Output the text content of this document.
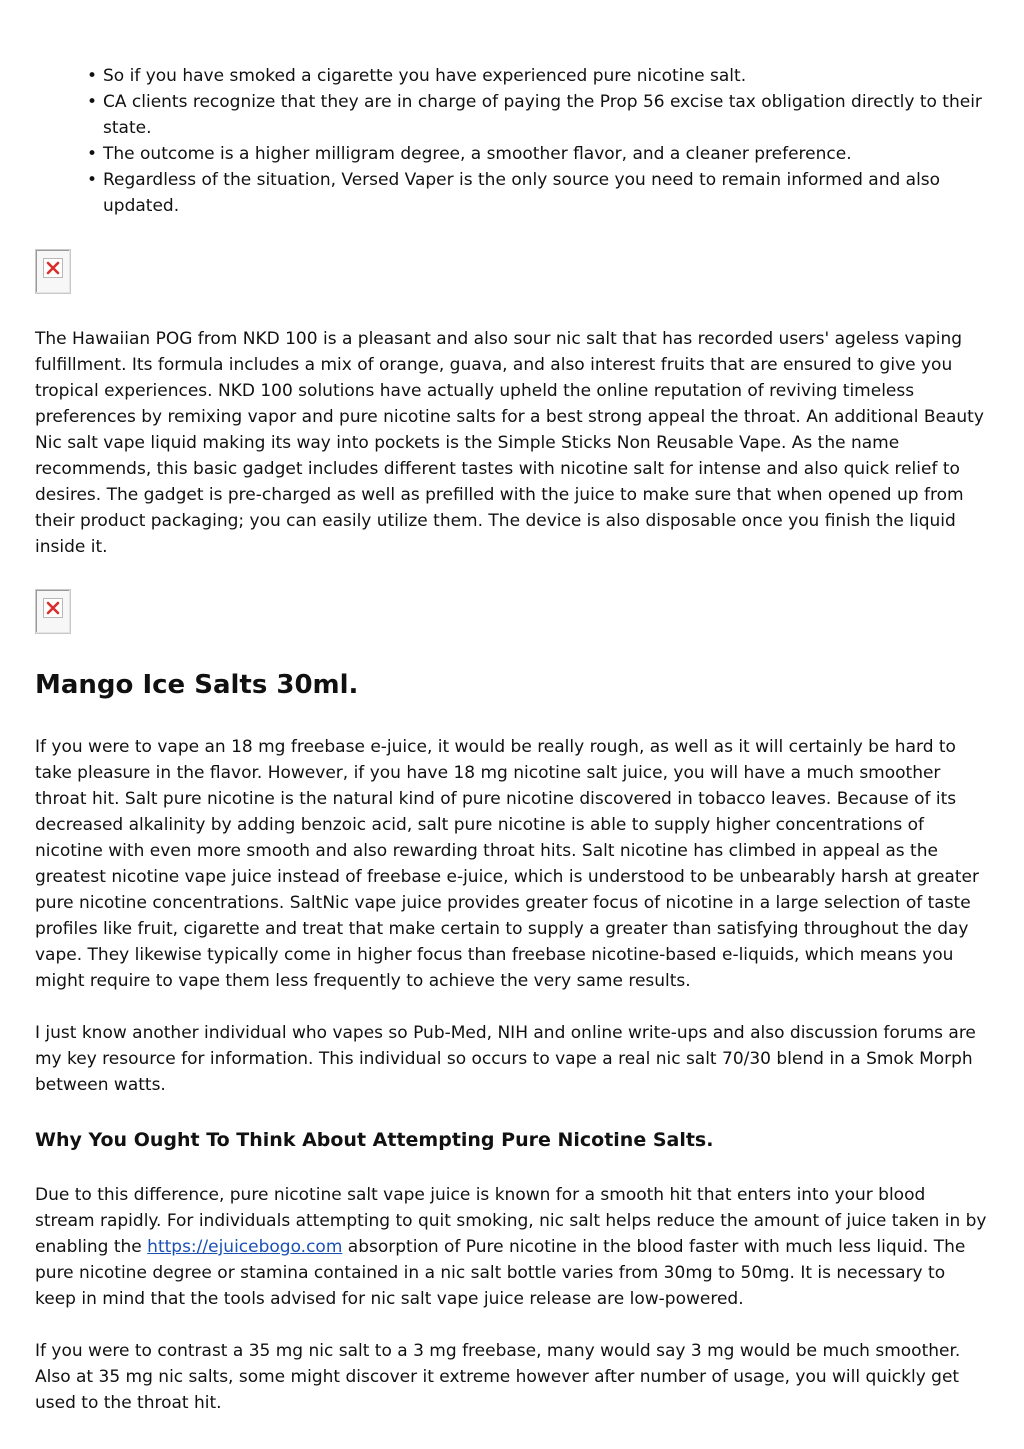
• So if you have smoked a cigarette you have experienced pure nicotine salt.
• CA clients recognize that they are in charge of paying the Prop 56 excise tax obligation directly to their state.
• The outcome is a higher milligram degree, a smoother flavor, and a cleaner preference.
• Regardless of the situation, Versed Vaper is the only source you need to remain informed and also updated.

The Hawaiian POG from NKD 100 is a pleasant and also sour nic salt that has recorded users' ageless vaping fulfillment. Its formula includes a mix of orange, guava, and also interest fruits that are ensured to give you tropical experiences. NKD 100 solutions have actually upheld the online reputation of reviving timeless preferences by remixing vapor and pure nicotine salts for a best strong appeal the throat. An additional Beauty Nic salt vape liquid making its way into pockets is the Simple Sticks Non Reusable Vape. As the name recommends, this basic gadget includes different tastes with nicotine salt for intense and also quick relief to desires. The gadget is pre-charged as well as prefilled with the juice to make sure that when opened up from their product packaging; you can easily utilize them. The device is also disposable once you finish the liquid inside it.

Mango Ice Salts 30ml.

If you were to vape an 18 mg freebase e-juice, it would be really rough, as well as it will certainly be hard to take pleasure in the flavor. However, if you have 18 mg nicotine salt juice, you will have a much smoother throat hit. Salt pure nicotine is the natural kind of pure nicotine discovered in tobacco leaves. Because of its decreased alkalinity by adding benzoic acid, salt pure nicotine is able to supply higher concentrations of nicotine with even more smooth and also rewarding throat hits. Salt nicotine has climbed in appeal as the greatest nicotine vape juice instead of freebase e-juice, which is understood to be unbearably harsh at greater pure nicotine concentrations. SaltNic vape juice provides greater focus of nicotine in a large selection of taste profiles like fruit, cigarette and treat that make certain to supply a greater than satisfying throughout the day vape. They likewise typically come in higher focus than freebase nicotine-based e-liquids, which means you might require to vape them less frequently to achieve the very same results.

I just know another individual who vapes so Pub-Med, NIH and online write-ups and also discussion forums are my key resource for information. This individual so occurs to vape a real nic salt 70/30 blend in a Smok Morph between watts.

Why You Ought To Think About Attempting Pure Nicotine Salts.

Due to this difference, pure nicotine salt vape juice is known for a smooth hit that enters into your blood stream rapidly. For individuals attempting to quit smoking, nic salt helps reduce the amount of juice taken in by enabling the https://ejuicebogo.com absorption of Pure nicotine in the blood faster with much less liquid. The pure nicotine degree or stamina contained in a nic salt bottle varies from 30mg to 50mg. It is necessary to keep in mind that the tools advised for nic salt vape juice release are low-powered.

If you were to contrast a 35 mg nic salt to a 3 mg freebase, many would say 3 mg would be much smoother. Also at 35 mg nic salts, some might discover it extreme however after number of usage, you will quickly get used to the throat hit.
